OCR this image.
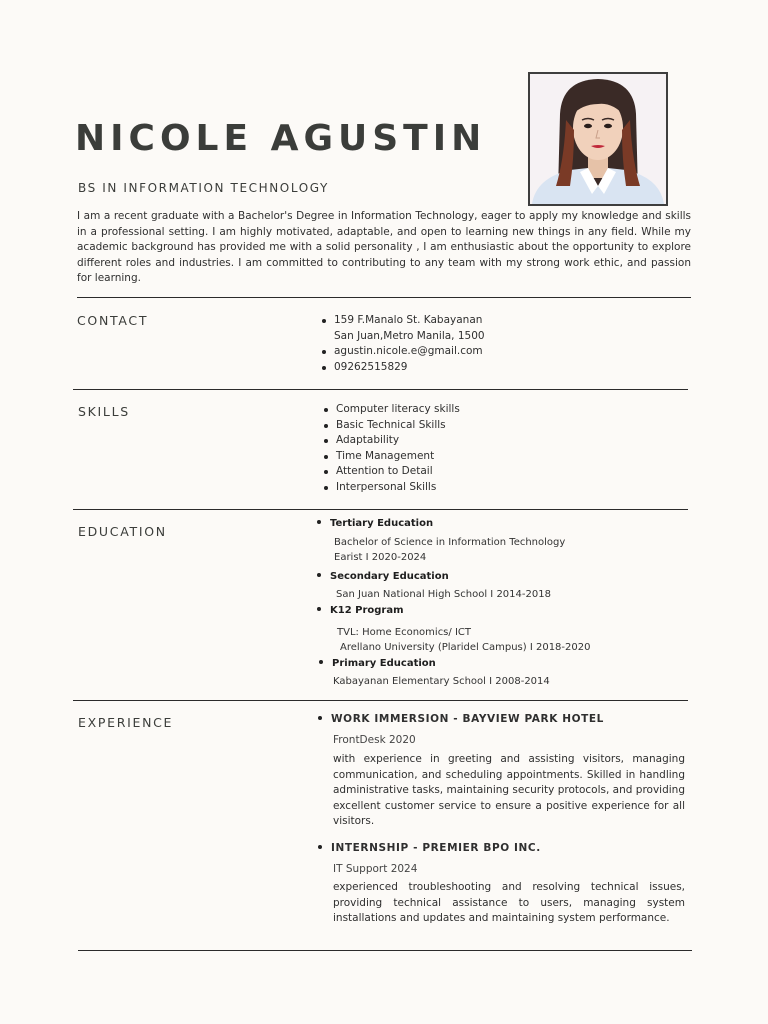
NICOLE AGUSTIN
BS IN INFORMATION TECHNOLOGY

I am a recent graduate with a Bachelor's Degree in Information Technology, eager to apply my knowledge and skills in a professional setting. I am highly motivated, adaptable, and open to learning new things in any field. While my academic background has provided me with a solid personality , I am enthusiastic about the opportunity to explore different roles and industries. I am committed to contributing to any team with my strong work ethic, and passion for learning.

CONTACT	159 F.Manalo St. Kabayanan
San Juan,Metro Manila, 1500
agustin.nicole.e@gmail.com
09262515829
SKILLS	Computer literacy skills
Basic Technical Skills
Adaptability
Time Management
Attention to Detail
Interpersonal Skills
EDUCATION
Tertiary Education
Bachelor of Science in Information Technology
Earist I 2020-2024
Secondary Education
San Juan National High School I 2014-2018
K12 Program
TVL: Home Economics/ ICT
Arellano University (Plaridel Campus) I 2018-2020
Primary Education
Kabayanan Elementary School I 2008-2014
EXPERIENCE	WORK IMMERSION - BAYVIEW PARK HOTEL
FrontDesk 2020
with experience in greeting and assisting visitors, managing communication, and scheduling appointments. Skilled in handling administrative tasks, maintaining security protocols, and providing excellent customer service to ensure a positive experience for all visitors.
INTERNSHIP - PREMIER BPO INC.
IT Support 2024
experienced troubleshooting and resolving technical issues, providing technical assistance to users, managing system installations and updates and maintaining system performance.
